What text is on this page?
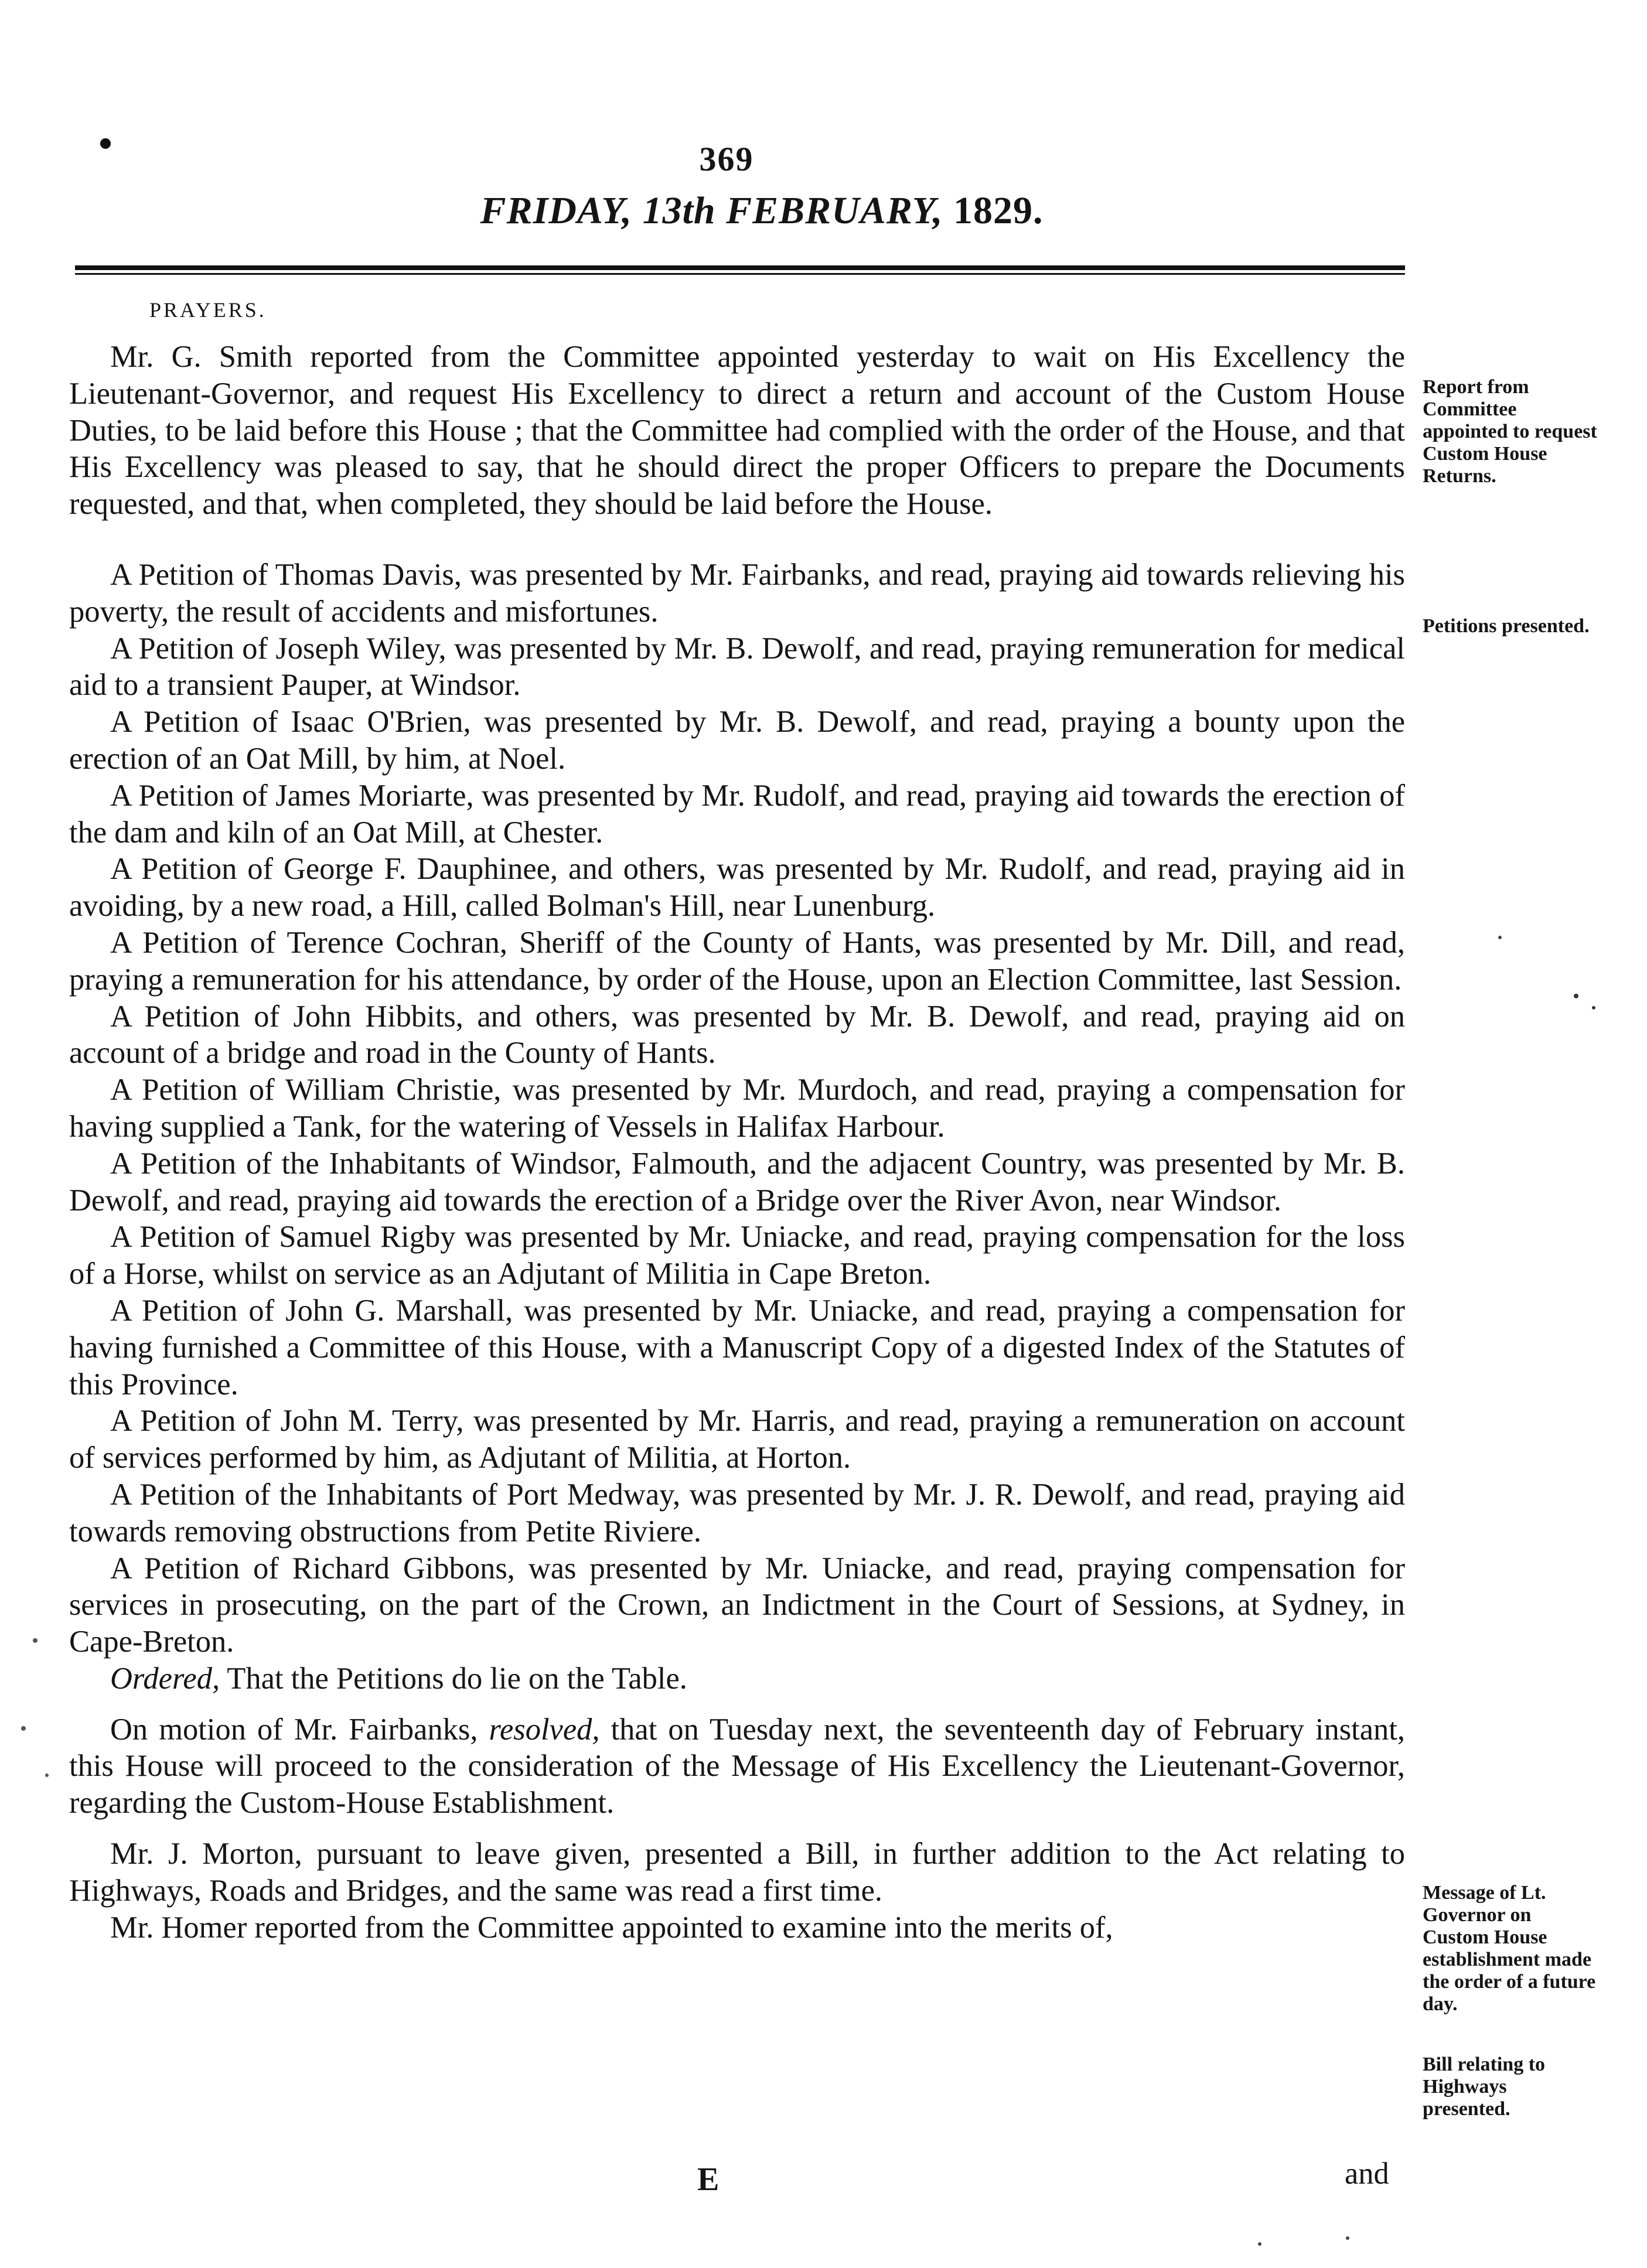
369
FRIDAY, 13th FEBRUARY, 1829.
PRAYERS.

Mr. G. Smith reported from the Committee appointed yesterday to wait on His Excellency the Lieutenant-Governor, and request His Excellency to direct a return and account of the Custom House Duties, to be laid before this House ; that the Committee had complied with the order of the House, and that His Excellency was pleased to say, that he should direct the proper Officers to prepare the Documents requested, and that, when completed, they should be laid before the House.

A Petition of Thomas Davis, was presented by Mr. Fairbanks, and read, praying aid towards relieving his poverty, the result of accidents and misfortunes.

A Petition of Joseph Wiley, was presented by Mr. B. Dewolf, and read, praying remuneration for medical aid to a transient Pauper, at Windsor.

A Petition of Isaac O'Brien, was presented by Mr. B. Dewolf, and read, praying a bounty upon the erection of an Oat Mill, by him, at Noel.

A Petition of James Moriarte, was presented by Mr. Rudolf, and read, praying aid towards the erection of the dam and kiln of an Oat Mill, at Chester.

A Petition of George F. Dauphinee, and others, was presented by Mr. Rudolf, and read, praying aid in avoiding, by a new road, a Hill, called Bolman's Hill, near Lunenburg.

A Petition of Terence Cochran, Sheriff of the County of Hants, was presented by Mr. Dill, and read, praying a remuneration for his attendance, by order of the House, upon an Election Committee, last Session.

A Petition of John Hibbits, and others, was presented by Mr. B. Dewolf, and read, praying aid on account of a bridge and road in the County of Hants.

A Petition of William Christie, was presented by Mr. Murdoch, and read, praying a compensation for having supplied a Tank, for the watering of Vessels in Halifax Harbour.

A Petition of the Inhabitants of Windsor, Falmouth, and the adjacent Country, was presented by Mr. B. Dewolf, and read, praying aid towards the erection of a Bridge over the River Avon, near Windsor.

A Petition of Samuel Rigby was presented by Mr. Uniacke, and read, praying compensation for the loss of a Horse, whilst on service as an Adjutant of Militia in Cape Breton.

A Petition of John G. Marshall, was presented by Mr. Uniacke, and read, praying a compensation for having furnished a Committee of this House, with a Manuscript Copy of a digested Index of the Statutes of this Province.

A Petition of John M. Terry, was presented by Mr. Harris, and read, praying a remuneration on account of services performed by him, as Adjutant of Militia, at Horton.

A Petition of the Inhabitants of Port Medway, was presented by Mr. J. R. Dewolf, and read, praying aid towards removing obstructions from Petite Riviere.

A Petition of Richard Gibbons, was presented by Mr. Uniacke, and read, praying compensation for services in prosecuting, on the part of the Crown, an Indictment in the Court of Sessions, at Sydney, in Cape-Breton.

Ordered, That the Petitions do lie on the Table.

On motion of Mr. Fairbanks, resolved, that on Tuesday next, the seventeenth day of February instant, this House will proceed to the consideration of the Message of His Excellency the Lieutenant-Governor, regarding the Custom-House Establishment.

Mr. J. Morton, pursuant to leave given, presented a Bill, in further addition to the Act relating to Highways, Roads and Bridges, and the same was read a first time.

Mr. Homer reported from the Committee appointed to examine into the merits of,

Report from Committee appointed to request Custom House Returns.
Petitions presented.
Message of Lt. Governor on Custom House establishment made the order of a future day.
Bill relating to Highways presented.
E	and
